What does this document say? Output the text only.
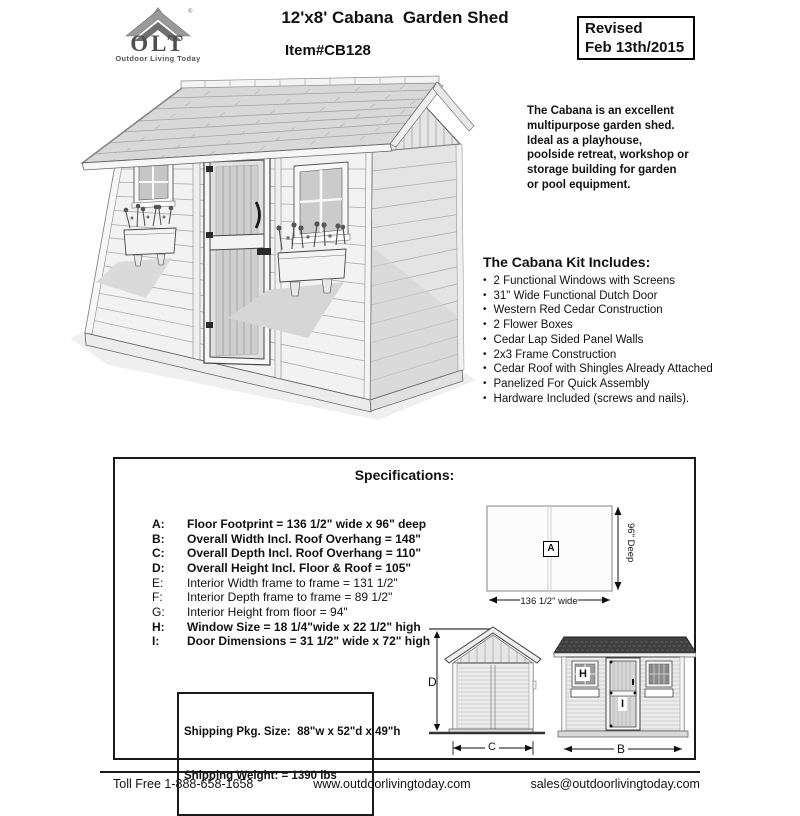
®
OLT
Outdoor Living Today
12'x8' Cabana  Garden Shed
Item#CB128
Revised
Feb 13th/2015
The Cabana is an excellent multipurpose garden shed. Ideal as a playhouse, poolside retreat, workshop or storage building for garden or pool equipment.
The Cabana Kit Includes:
• 2 Functional Windows with Screens
• 31" Wide Functional Dutch Door
• Western Red Cedar Construction
• 2 Flower Boxes
• Cedar Lap Sided Panel Walls
• 2x3 Frame Construction
• Cedar Roof with Shingles Already Attached
• Panelized For Quick Assembly
• Hardware Included (screws and nails).
Specifications:
A:	Floor Footprint = 136 1/2" wide x 96" deep
B:	Overall Width Incl. Roof Overhang = 148"
C:	Overall Depth Incl. Roof Overhang = 110"
D:	Overall Height Incl. Floor & Roof = 105"
E:	Interior Width frame to frame = 131 1/2"
F:	Interior Depth frame to frame = 89 1/2"
G:	Interior Height from floor = 94"
H:	Window Size = 18 1/4"wide x 22 1/2" high
I:	Door Dimensions = 31 1/2" wide x 72" high
A
136 1/2" wide
96" Deep
D
C
H
I
B

Shipping Pkg. Size:  88"w x 52"d x 49"h

Shipping Weight: = 1390 lbs

Toll Free 1-888-658-1658	www.outdoorlivingtoday.com	sales@outdoorlivingtoday.com
